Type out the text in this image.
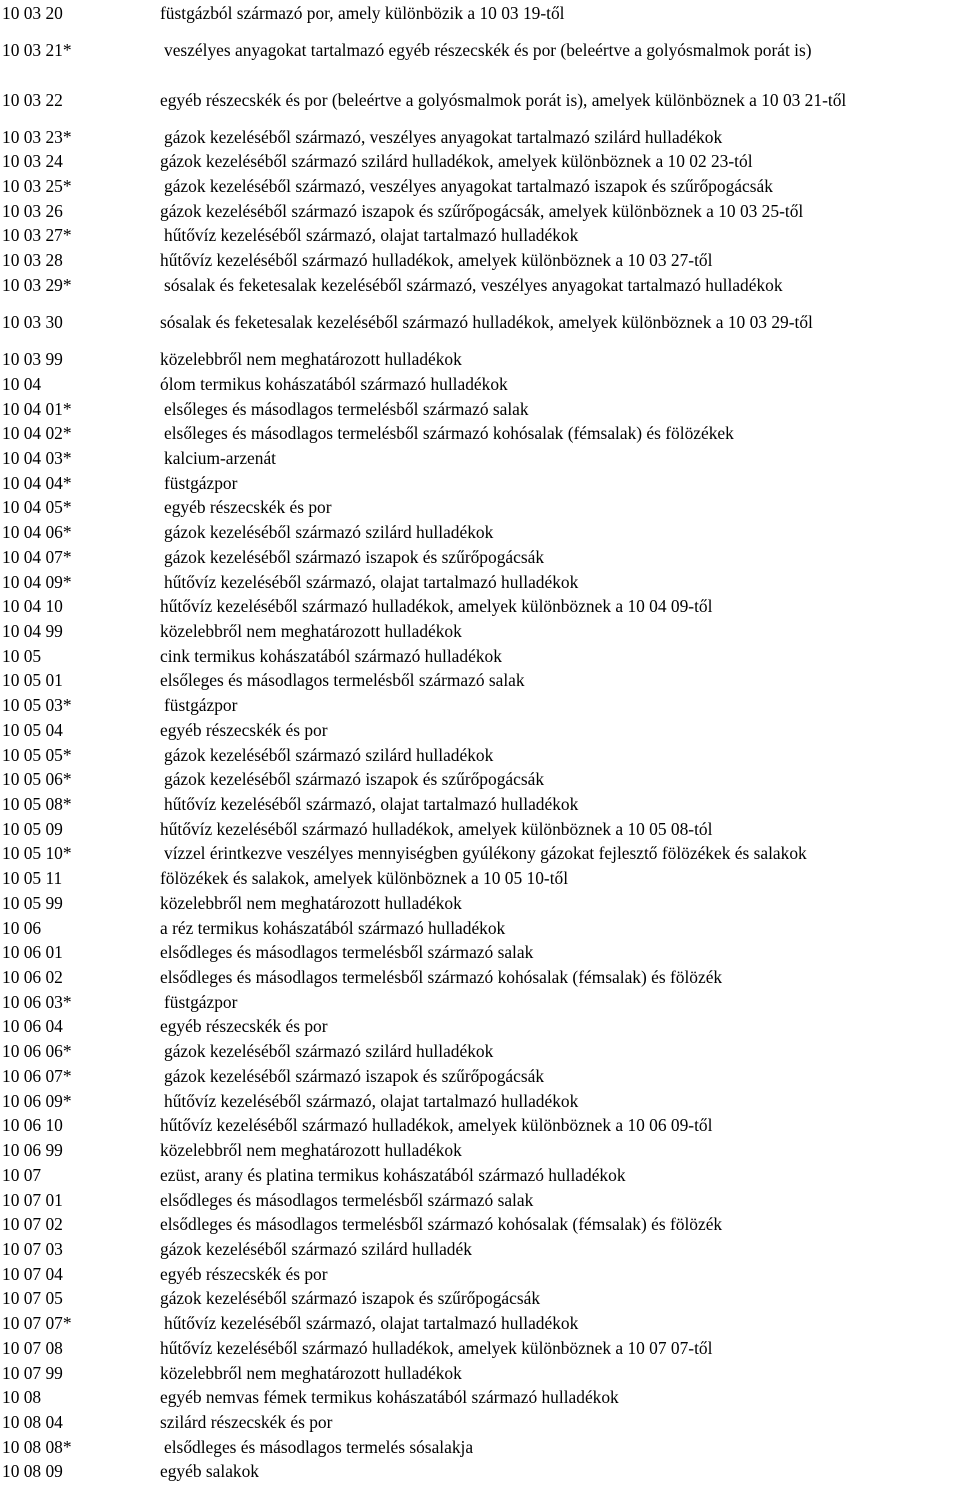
10 03 20	füstgázból származó por, amely különbözik a 10 03 19-től
10 03 21*	veszélyes anyagokat tartalmazó egyéb részecskék és por (beleértve a golyósmalmok porát is)
10 03 22	egyéb részecskék és por (beleértve a golyósmalmok porát is), amelyek különböznek a 10 03 21-től
10 03 23*	gázok kezeléséből származó, veszélyes anyagokat tartalmazó szilárd hulladékok
10 03 24	gázok kezeléséből származó szilárd hulladékok, amelyek különböznek a 10 02 23-tól
10 03 25*	gázok kezeléséből származó, veszélyes anyagokat tartalmazó iszapok és szűrőpogácsák
10 03 26	gázok kezeléséből származó iszapok és szűrőpogácsák, amelyek különböznek a 10 03 25-től
10 03 27*	hűtővíz kezeléséből származó, olajat tartalmazó hulladékok
10 03 28	hűtővíz kezeléséből származó hulladékok, amelyek különböznek a 10 03 27-től
10 03 29*	sósalak és feketesalak kezeléséből származó, veszélyes anyagokat tartalmazó hulladékok
10 03 30	sósalak és feketesalak kezeléséből származó hulladékok, amelyek különböznek a 10 03 29-től
10 03 99	közelebbről nem meghatározott hulladékok
10 04	ólom termikus kohászatából származó hulladékok
10 04 01*	elsőleges és másodlagos termelésből származó salak
10 04 02*	elsőleges és másodlagos termelésből származó kohósalak (fémsalak) és fölözékek
10 04 03*	kalcium-arzenát
10 04 04*	füstgázpor
10 04 05*	egyéb részecskék és por
10 04 06*	gázok kezeléséből származó szilárd hulladékok
10 04 07*	gázok kezeléséből származó iszapok és szűrőpogácsák
10 04 09*	hűtővíz kezeléséből származó, olajat tartalmazó hulladékok
10 04 10	hűtővíz kezeléséből származó hulladékok, amelyek különböznek a 10 04 09-től
10 04 99	közelebbről nem meghatározott hulladékok
10 05	cink termikus kohászatából származó hulladékok
10 05 01	elsőleges és másodlagos termelésből származó salak
10 05 03*	füstgázpor
10 05 04	egyéb részecskék és por
10 05 05*	gázok kezeléséből származó szilárd hulladékok
10 05 06*	gázok kezeléséből származó iszapok és szűrőpogácsák
10 05 08*	hűtővíz kezeléséből származó, olajat tartalmazó hulladékok
10 05 09	hűtővíz kezeléséből származó hulladékok, amelyek különböznek a 10 05 08-tól
10 05 10*	vízzel érintkezve veszélyes mennyiségben gyúlékony gázokat fejlesztő fölözékek és salakok
10 05 11	fölözékek és salakok, amelyek különböznek a 10 05 10-től
10 05 99	közelebbről nem meghatározott hulladékok
10 06	a réz termikus kohászatából származó hulladékok
10 06 01	elsődleges és másodlagos termelésből származó salak
10 06 02	elsődleges és másodlagos termelésből származó kohósalak (fémsalak) és fölözék
10 06 03*	füstgázpor
10 06 04	egyéb részecskék és por
10 06 06*	gázok kezeléséből származó szilárd hulladékok
10 06 07*	gázok kezeléséből származó iszapok és szűrőpogácsák
10 06 09*	hűtővíz kezeléséből származó, olajat tartalmazó hulladékok
10 06 10	hűtővíz kezeléséből származó hulladékok, amelyek különböznek a 10 06 09-től
10 06 99	közelebbről nem meghatározott hulladékok
10 07	ezüst, arany és platina termikus kohászatából származó hulladékok
10 07 01	elsődleges és másodlagos termelésből származó salak
10 07 02	elsődleges és másodlagos termelésből származó kohósalak (fémsalak) és fölözék
10 07 03	gázok kezeléséből származó szilárd hulladék
10 07 04	egyéb részecskék és por
10 07 05	gázok kezeléséből származó iszapok és szűrőpogácsák
10 07 07*	hűtővíz kezeléséből származó, olajat tartalmazó hulladékok
10 07 08	hűtővíz kezeléséből származó hulladékok, amelyek különböznek a 10 07 07-től
10 07 99	közelebbről nem meghatározott hulladékok
10 08	egyéb nemvas fémek termikus kohászatából származó hulladékok
10 08 04	szilárd részecskék és por
10 08 08*	elsődleges és másodlagos termelés sósalakja
10 08 09	egyéb salakok
